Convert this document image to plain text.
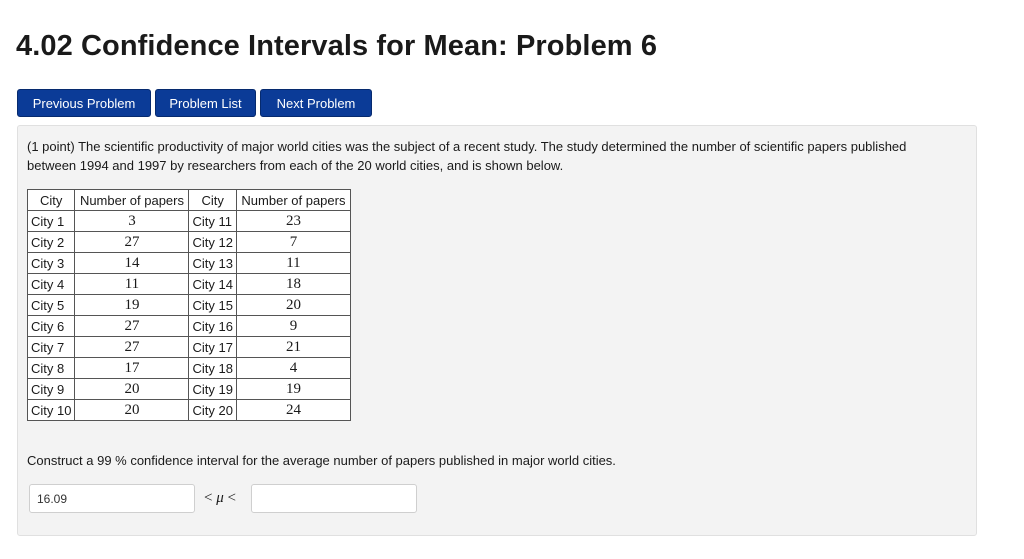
4.02 Confidence Intervals for Mean: Problem 6
Previous Problem	Problem List	Next Problem

(1 point) The scientific productivity of major world cities was the subject of a recent study. The study determined the number of scientific papers published between 1994 and 1997 by researchers from each of the 20 world cities, and is shown below.

City	Number of papers	City	Number of papers
City 1	3	City 11	23
City 2	27	City 12	7
City 3	14	City 13	11
City 4	11	City 14	18
City 5	19	City 15	20
City 6	27	City 16	9
City 7	27	City 17	21
City 8	17	City 18	4
City 9	20	City 19	19
City 10	20	City 20	24

Construct a 99 % confidence interval for the average number of papers published in major world cities.

16.09
< μ <
